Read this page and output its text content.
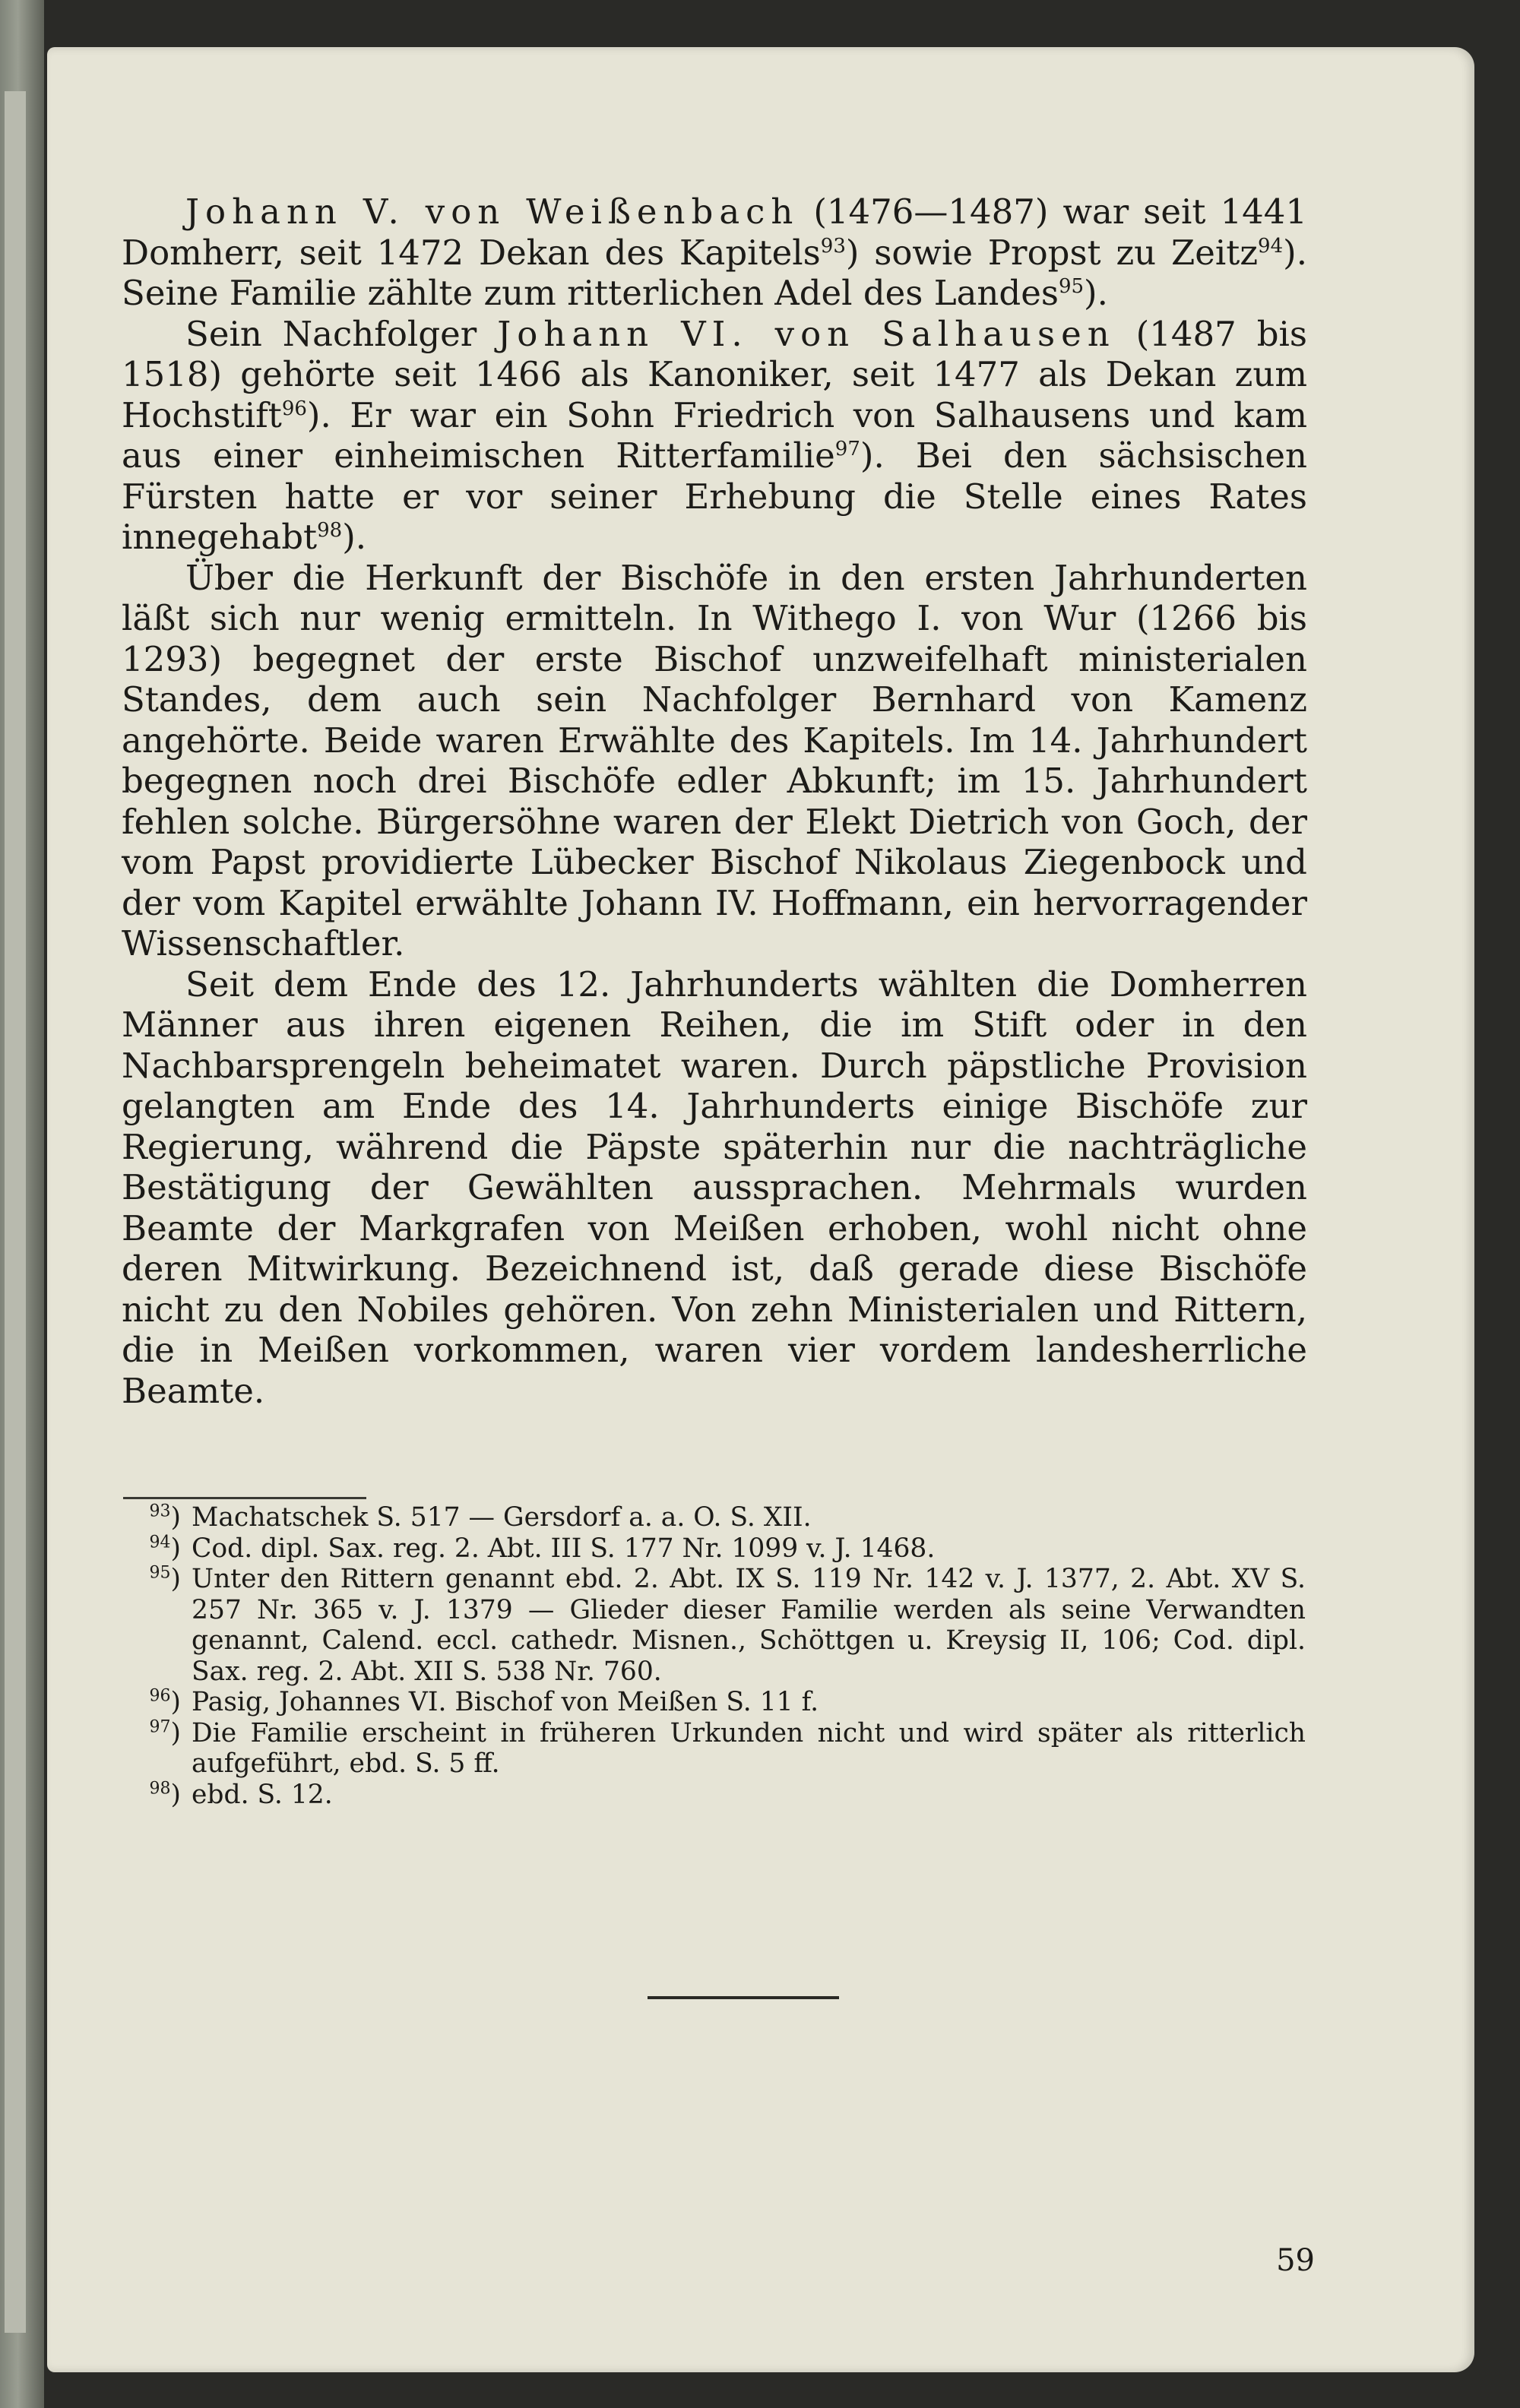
Johann V. von Weißenbach (1476—1487) war seit 1441 Domherr, seit 1472 Dekan des Kapitels$^{93}$) sowie Propst zu Zeitz$^{94}$). Seine Familie zählte zum ritterlichen Adel des Landes$^{95}$).

Sein Nachfolger Johann VI. von Salhausen (1487 bis 1518) gehörte seit 1466 als Kanoniker, seit 1477 als Dekan zum Hochstift$^{96}$). Er war ein Sohn Friedrich von Salhausens und kam aus einer einheimischen Ritterfamilie$^{97}$). Bei den sächsischen Fürsten hatte er vor seiner Erhebung die Stelle eines Rates innegehabt$^{98}$).

Über die Herkunft der Bischöfe in den ersten Jahrhunderten läßt sich nur wenig ermitteln. In Withego I. von Wur (1266 bis 1293) begegnet der erste Bischof unzweifelhaft ministerialen Standes, dem auch sein Nachfolger Bernhard von Kamenz angehörte. Beide waren Erwählte des Kapitels. Im 14. Jahrhundert begegnen noch drei Bischöfe edler Abkunft; im 15. Jahrhundert fehlen solche. Bürgersöhne waren der Elekt Dietrich von Goch, der vom Papst providierte Lübecker Bischof Nikolaus Ziegenbock und der vom Kapitel erwählte Johann IV. Hoffmann, ein hervorragender Wissenschaftler.

Seit dem Ende des 12. Jahrhunderts wählten die Domherren Männer aus ihren eigenen Reihen, die im Stift oder in den Nachbarsprengeln beheimatet waren. Durch päpstliche Provision gelangten am Ende des 14. Jahrhunderts einige Bischöfe zur Regierung, während die Päpste späterhin nur die nachträgliche Bestätigung der Gewählten aussprachen. Mehrmals wurden Beamte der Markgrafen von Meißen erhoben, wohl nicht ohne deren Mitwirkung. Bezeichnend ist, daß gerade diese Bischöfe nicht zu den Nobiles gehören. Von zehn Ministerialen und Rittern, die in Meißen vorkommen, waren vier vordem landesherrliche Beamte.

$^{93}$) Machatschek S. 517 — Gersdorf a. a. O. S. XII.
$^{94}$) Cod. dipl. Sax. reg. 2. Abt. III S. 177 Nr. 1099 v. J. 1468.
$^{95}$) Unter den Rittern genannt ebd. 2. Abt. IX S. 119 Nr. 142 v. J. 1377, 2. Abt. XV S. 257 Nr. 365 v. J. 1379 — Glieder dieser Familie werden als seine Verwandten genannt, Calend. eccl. cathedr. Misnen., Schöttgen u. Kreysig II, 106; Cod. dipl. Sax. reg. 2. Abt. XII S. 538 Nr. 760.
$^{96}$) Pasig, Johannes VI. Bischof von Meißen S. 11 f.
$^{97}$) Die Familie erscheint in früheren Urkunden nicht und wird später als ritterlich aufgeführt, ebd. S. 5 ff.
$^{98}$) ebd. S. 12.
59
